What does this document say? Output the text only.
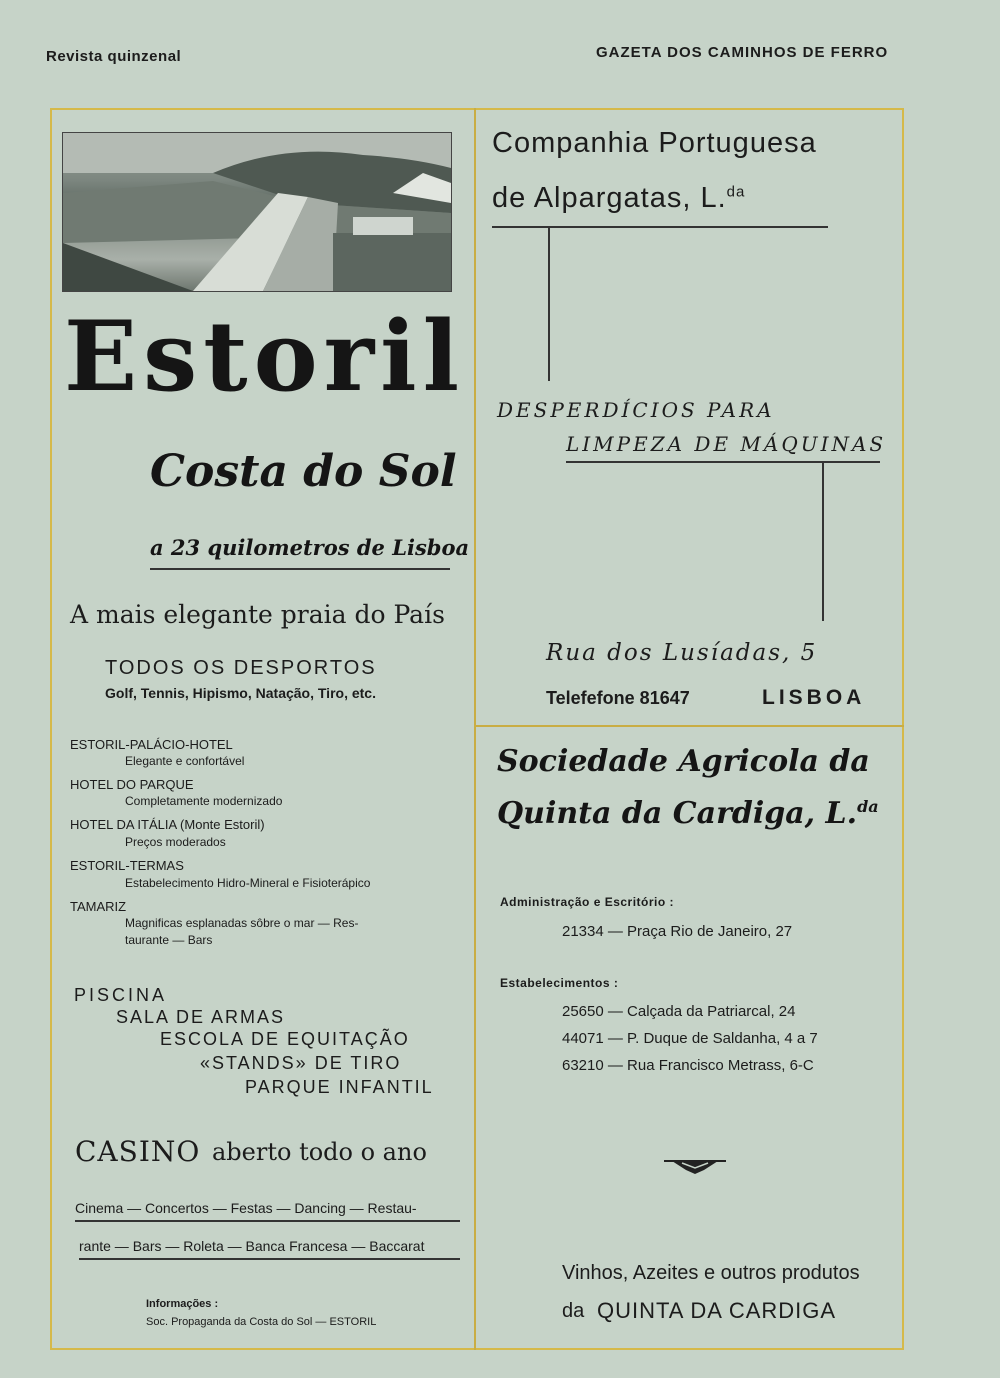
Revista quinzenal	GAZETA DOS CAMINHOS DE FERRO
Estoril
Costa do Sol
a 23 quilometros de Lisboa
A mais elegante praia do País
TODOS OS DESPORTOS
Golf, Tennis, Hipismo, Natação, Tiro, etc.
ESTORIL-PALÁCIO-HOTEL
Elegante e confortável
HOTEL DO PARQUE
Completamente modernizado
HOTEL DA ITÁLIA (Monte Estoril)
Preços moderados
ESTORIL-TERMAS
Estabelecimento Hidro-Mineral e Fisioterápico
TAMARIZ
Magnificas esplanadas sôbre o mar — Res-
taurante — Bars
PISCINA
SALA DE ARMAS
ESCOLA DE EQUITAÇÃO
«STANDS» DE TIRO
PARQUE INFANTIL
CASINO aberto todo o ano
Cinema — Concertos — Festas — Dancing — Restau-
rante — Bars — Roleta — Banca Francesa — Baccarat
Informações :
Soc. Propaganda da Costa do Sol — ESTORIL
Companhia Portuguesa
de Alpargatas, L.$^{da}$
DESPERDÍCIOS PARA
LIMPEZA DE MÁQUINAS
Rua dos Lusíadas, 5
Telefefone 81647	LISBOA
Sociedade Agricola da
Quinta da Cardiga, L.$^{da}$
Administração e Escritório :
21334 — Praça Rio de Janeiro, 27
Estabelecimentos :
25650 — Calçada da Patriarcal, 24
44071 — P. Duque de Saldanha, 4 a 7
63210 — Rua Francisco Metrass, 6-C
Vinhos, Azeites e outros produtos
da QUINTA DA CARDIGA
